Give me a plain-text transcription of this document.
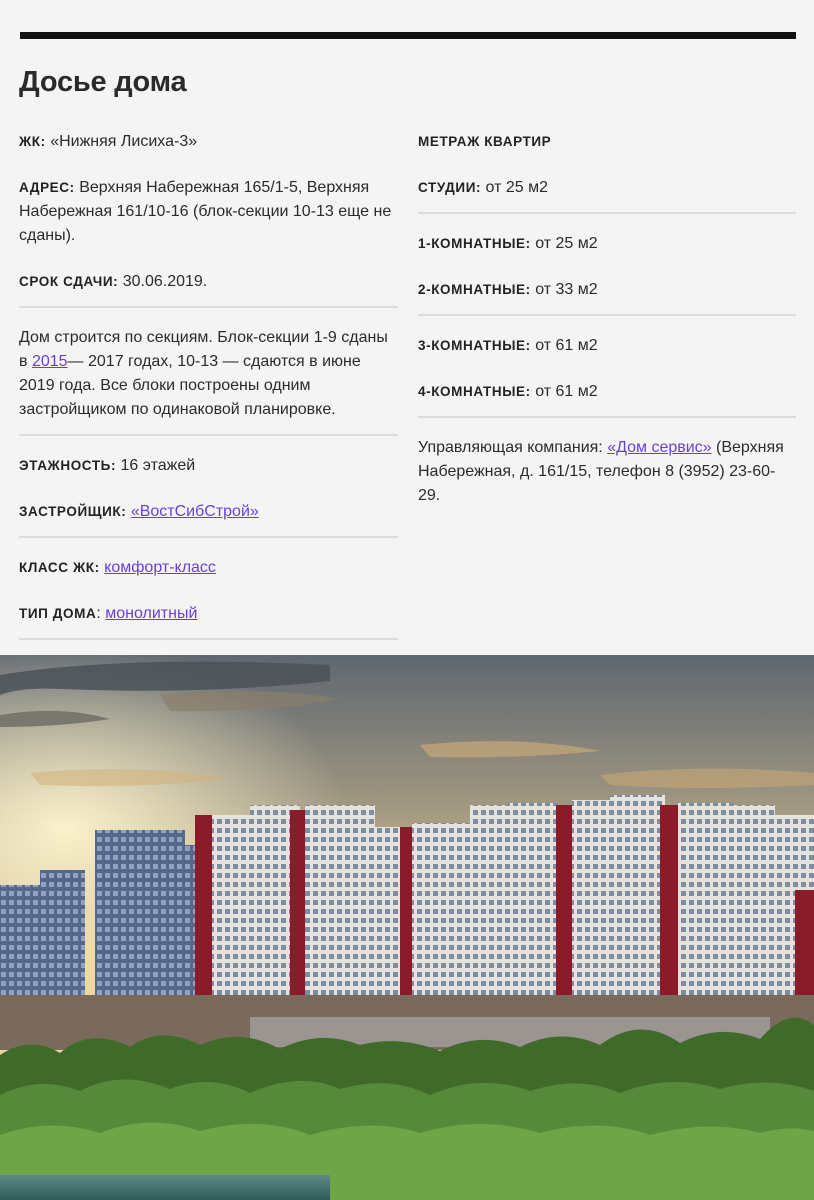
Досье дома
ЖК: «Нижняя Лисиха-3»
АДРЕС: Верхняя Набережная 165/1-5, Верхняя Набережная 161/10-16 (блок-секции 10-13 еще не сданы).
СРОК СДАЧИ: 30.06.2019.
Дом строится по секциям. Блок-секции 1-9 сданы в 2015— 2017 годах, 10-13 — сдаются в июне 2019 года. Все блоки построены одним застройщиком по одинаковой планировке.
ЭТАЖНОСТЬ: 16 этажей
ЗАСТРОЙЩИК: «ВостСибСтрой»
КЛАСС ЖК: комфорт-класс
ТИП ДОМА: монолитный
МЕТРАЖ КВАРТИР
СТУДИИ: от 25 м2
1-КОМНАТНЫЕ: от 25 м2
2-КОМНАТНЫЕ: от 33 м2
3-КОМНАТНЫЕ: от 61 м2
4-КОМНАТНЫЕ: от 61 м2
Управляющая компания: «Дом сервис» (Верхняя Набережная, д. 161/15, телефон 8 (3952) 23-60-29.
